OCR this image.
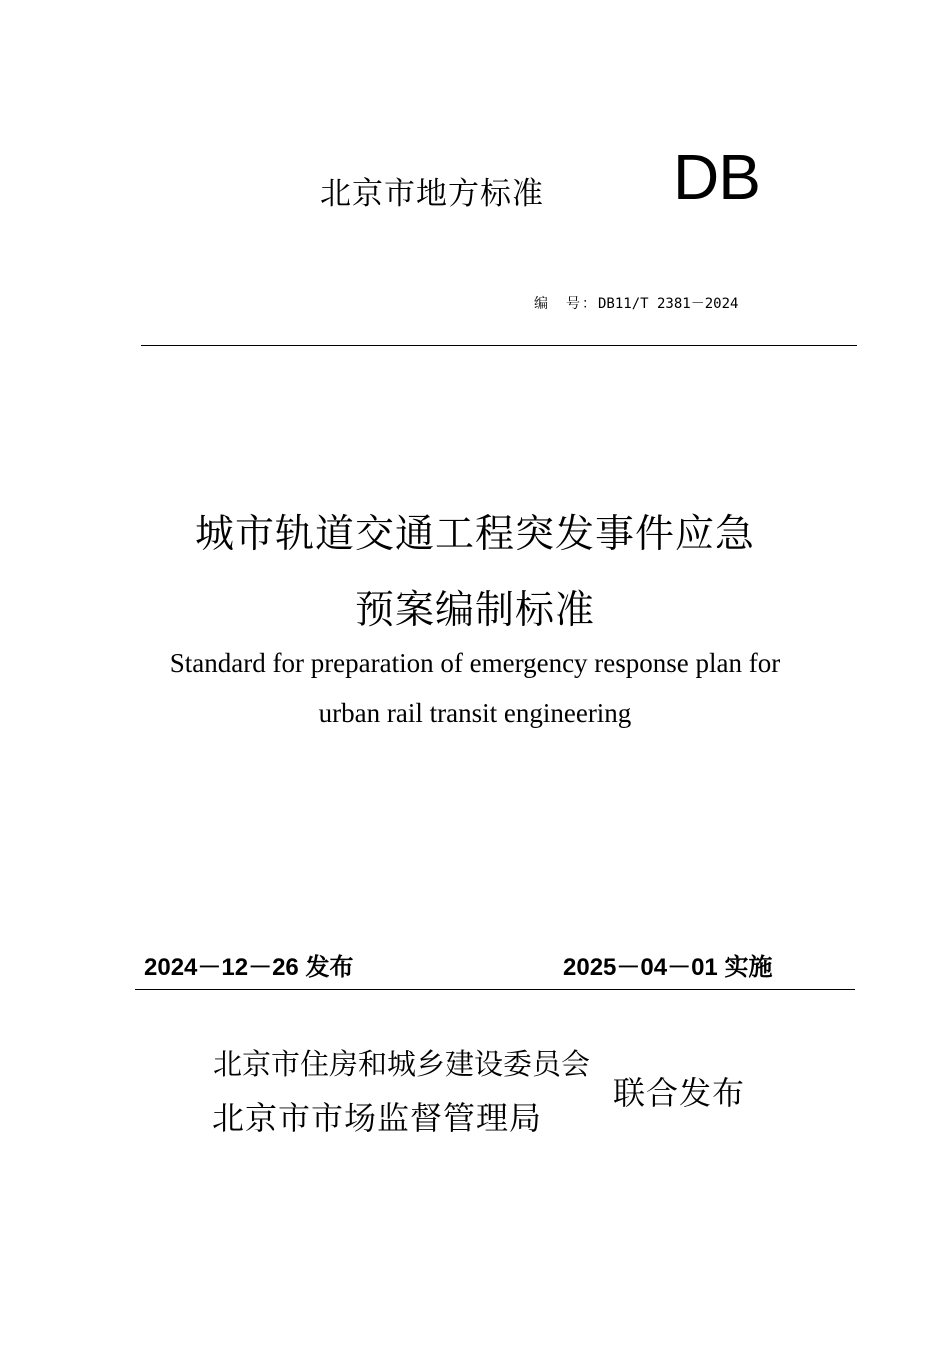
北京市地方标准 DB
编　号：DB11/T 2381－2024
城市轨道交通工程突发事件应急
预案编制标准
Standard for preparation of emergency response plan for
urban rail transit engineering
2024－12－26 发布	2025－04－01 实施
北京市住房和城乡建设委员会
北京市市场监督管理局
联合发布
